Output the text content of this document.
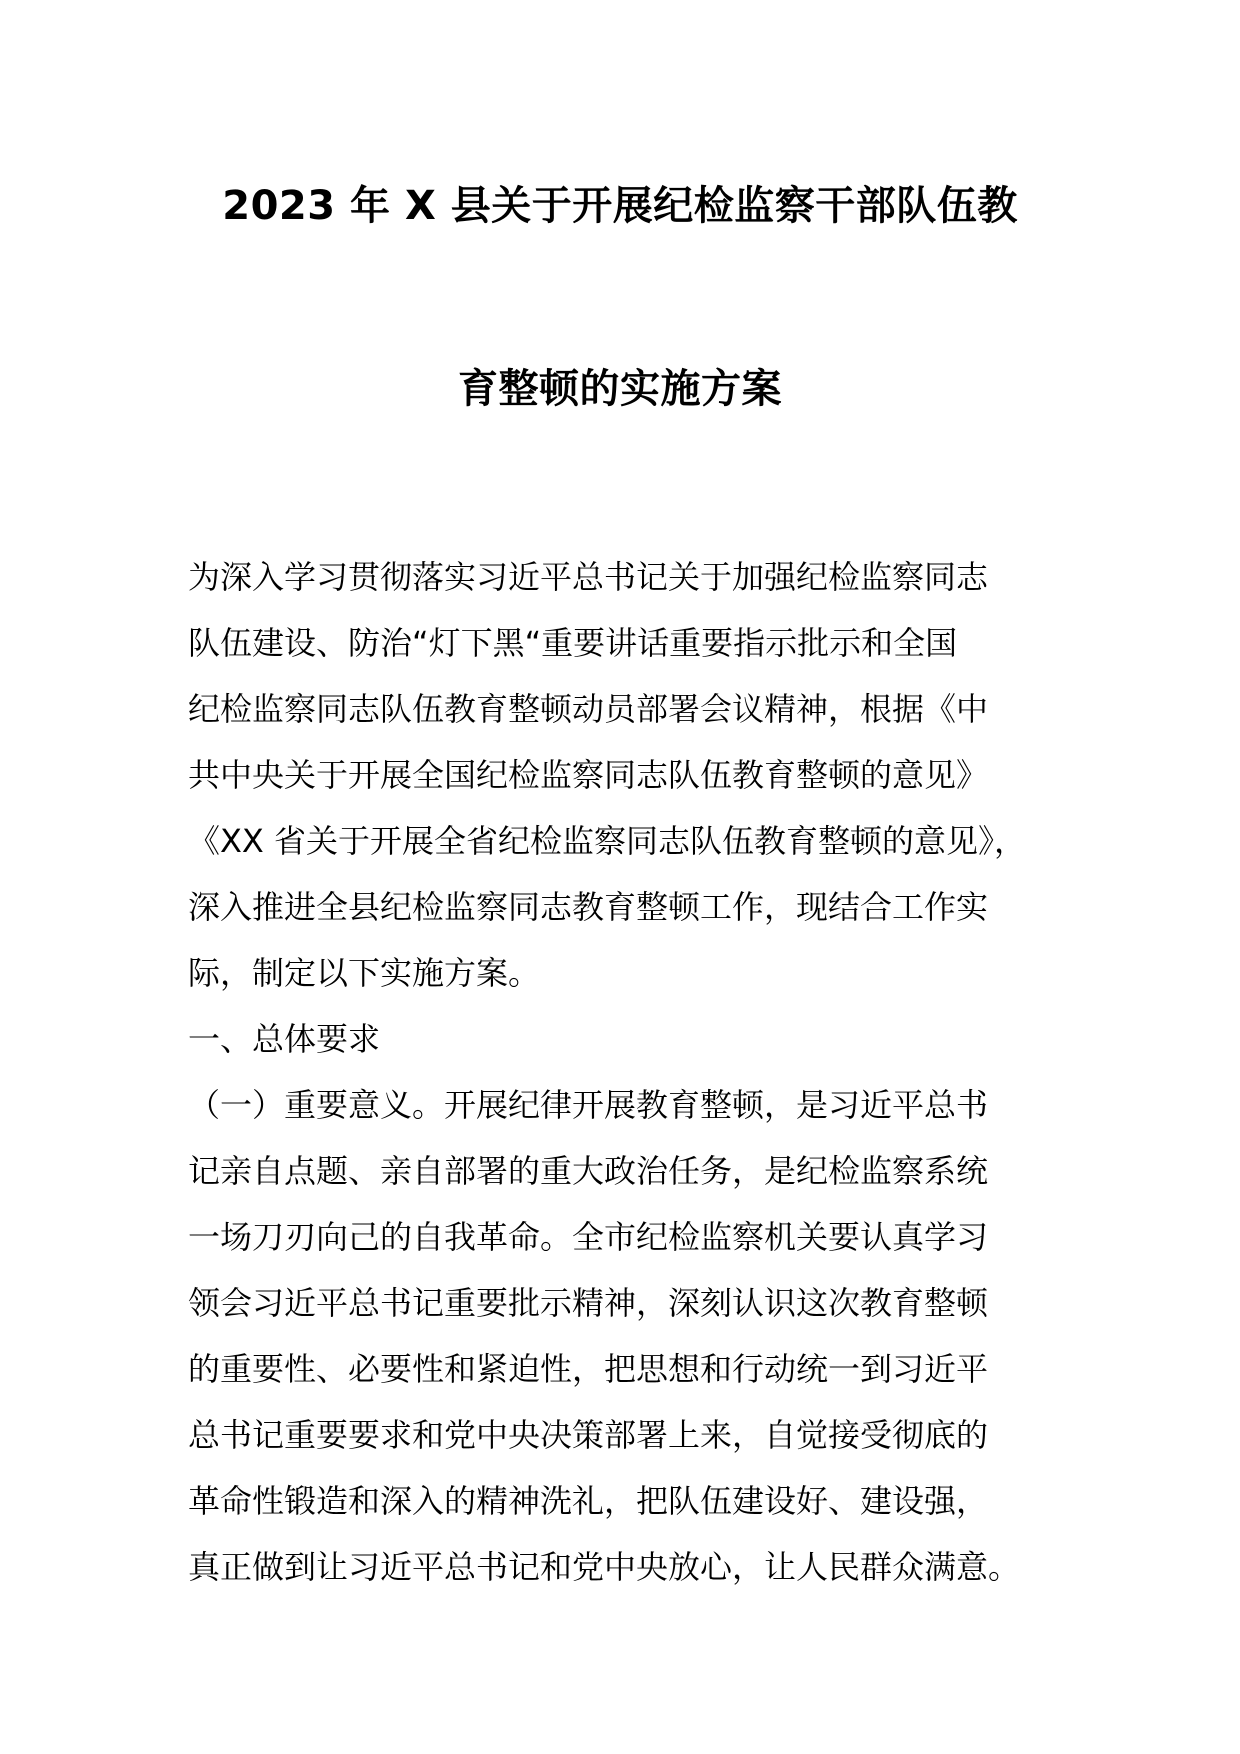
2023 年 X 县关于开展纪检监察干部队伍教
育整顿的实施方案
为深入学习贯彻落实习近平总书记关于加强纪检监察同志
队伍建设、防治“灯下黑“重要讲话重要指示批示和全国
纪检监察同志队伍教育整顿动员部署会议精神，根据《中
共中央关于开展全国纪检监察同志队伍教育整顿的意见》
《XX 省关于开展全省纪检监察同志队伍教育整顿的意见》，
深入推进全县纪检监察同志教育整顿工作，现结合工作实
际，制定以下实施方案。
一、总体要求
（一）重要意义。开展纪律开展教育整顿，是习近平总书
记亲自点题、亲自部署的重大政治任务，是纪检监察系统
一场刀刃向己的自我革命。全市纪检监察机关要认真学习
领会习近平总书记重要批示精神，深刻认识这次教育整顿
的重要性、必要性和紧迫性，把思想和行动统一到习近平
总书记重要要求和党中央决策部署上来，自觉接受彻底的
革命性锻造和深入的精神洗礼，把队伍建设好、建设强，
真正做到让习近平总书记和党中央放心，让人民群众满意。
